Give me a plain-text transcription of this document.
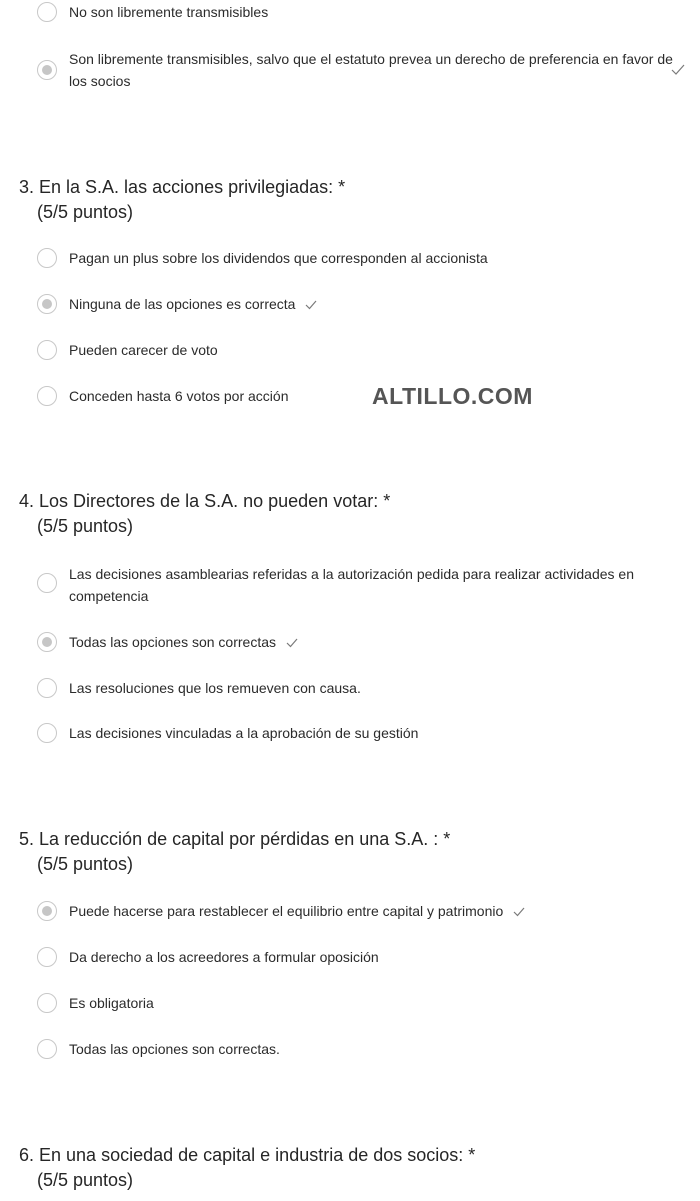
No son libremente transmisibles
Son libremente transmisibles, salvo que el estatuto prevea un derecho de preferencia en favor de los socios
3. En la S.A. las acciones privilegiadas: *
(5/5 puntos)
Pagan un plus sobre los dividendos que corresponden al accionista
Ninguna de las opciones es correcta
Pueden carecer de voto
Conceden hasta 6 votos por acción	ALTILLO.COM
4. Los Directores de la S.A. no pueden votar: *
(5/5 puntos)
Las decisiones asamblearias referidas a la autorización pedida para realizar actividades en competencia
Todas las opciones son correctas
Las resoluciones que los remueven con causa.
Las decisiones vinculadas a la aprobación de su gestión
5. La reducción de capital por pérdidas en una S.A. : *
(5/5 puntos)
Puede hacerse para restablecer el equilibrio entre capital y patrimonio
Da derecho a los acreedores a formular oposición
Es obligatoria
Todas las opciones son correctas.
6. En una sociedad de capital e industria de dos socios: *
(5/5 puntos)
